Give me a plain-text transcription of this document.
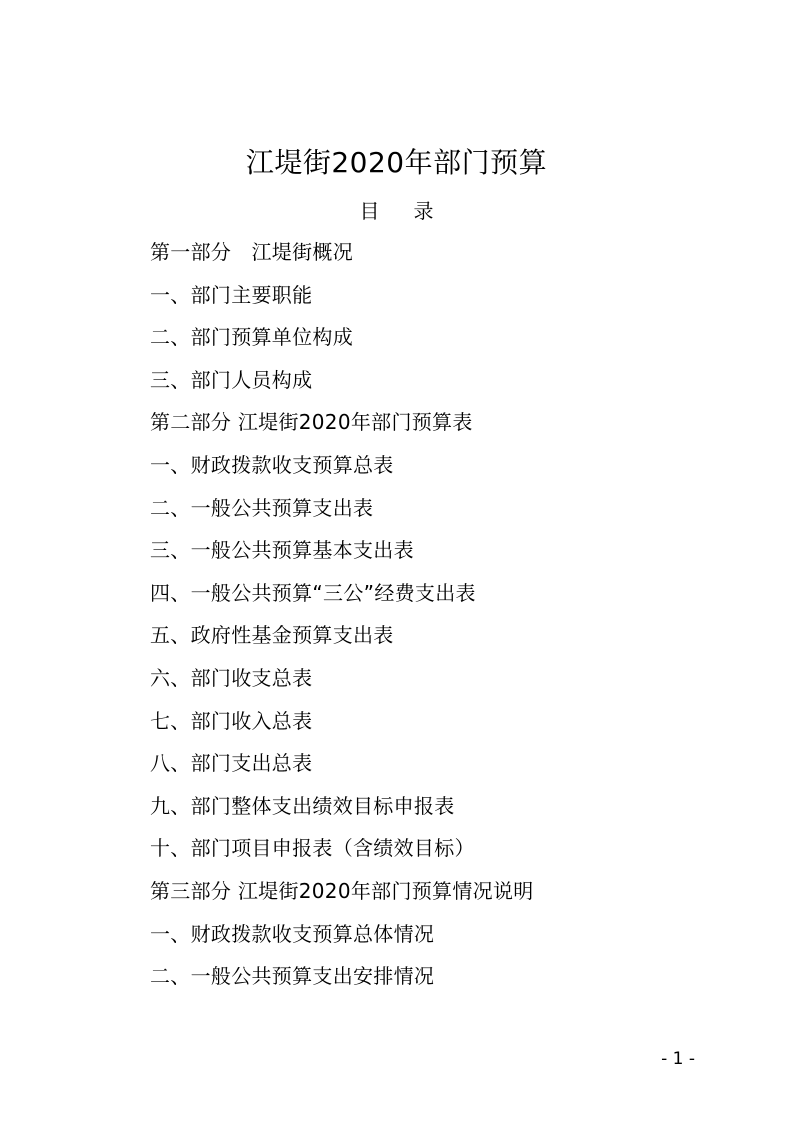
江堤街2020年部门预算
目 录
第一部分　江堤街概况
一、部门主要职能
二、部门预算单位构成
三、部门人员构成
第二部分 江堤街2020年部门预算表
一、财政拨款收支预算总表
二、一般公共预算支出表
三、一般公共预算基本支出表
四、一般公共预算“三公”经费支出表
五、政府性基金预算支出表
六、部门收支总表
七、部门收入总表
八、部门支出总表
九、部门整体支出绩效目标申报表
十、部门项目申报表（含绩效目标）
第三部分 江堤街2020年部门预算情况说明
一、财政拨款收支预算总体情况
二、一般公共预算支出安排情况
- 1 -
